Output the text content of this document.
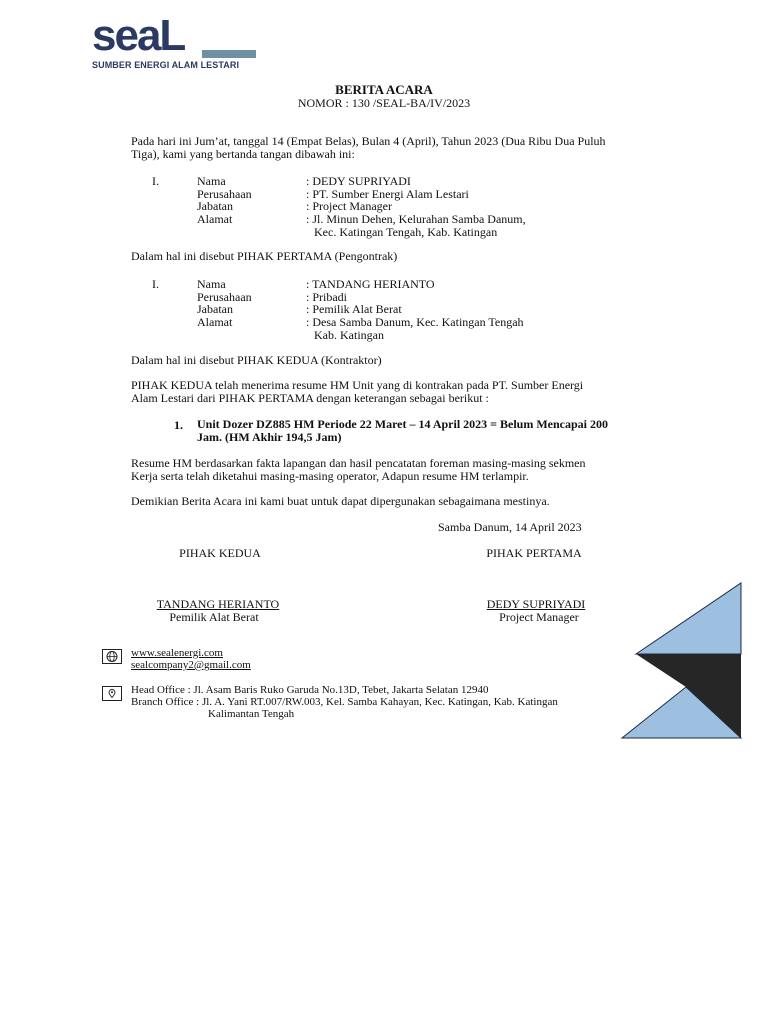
seaL
SUMBER ENERGI ALAM LESTARI
BERITA ACARA
NOMOR : 130 /SEAL-BA/IV/2023
Pada hari ini Jum’at, tanggal 14 (Empat Belas), Bulan 4 (April), Tahun 2023 (Dua Ribu Dua Puluh
Tiga), kami yang bertanda tangan dibawah ini:
I.	Nama	: DEDY SUPRIYADI
Perusahaan	: PT. Sumber Energi Alam Lestari
Jabatan	: Project Manager
Alamat	: Jl. Minun Dehen, Kelurahan Samba Danum,
Kec. Katingan Tengah, Kab. Katingan
Dalam hal ini disebut PIHAK PERTAMA (Pengontrak)
I.	Nama	: TANDANG HERIANTO
Perusahaan	: Pribadi
Jabatan	: Pemilik Alat Berat
Alamat	: Desa Samba Danum, Kec. Katingan Tengah
Kab. Katingan
Dalam hal ini disebut PIHAK KEDUA (Kontraktor)
PIHAK KEDUA telah menerima resume HM Unit yang di kontrakan pada PT. Sumber Energi
Alam Lestari dari PIHAK PERTAMA dengan keterangan sebagai berikut :
1. Unit Dozer DZ885 HM Periode 22 Maret – 14 April 2023 = Belum Mencapai 200
Jam. (HM Akhir 194,5 Jam)
Resume HM berdasarkan fakta lapangan dan hasil pencatatan foreman masing-masing sekmen
Kerja serta telah diketahui masing-masing operator, Adapun resume HM terlampir.
Demikian Berita Acara ini kami buat untuk dapat dipergunakan sebagaimana mestinya.
Samba Danum, 14 April 2023
PIHAK KEDUA	PIHAK PERTAMA
TANDANG HERIANTO
Pemilik Alat Berat
DEDY SUPRIYADI
Project Manager
www.sealenergi.com
sealcompany2@gmail.com
Head Office : Jl. Asam Baris Ruko Garuda No.13D, Tebet, Jakarta Selatan 12940
Branch Office : Jl. A. Yani RT.007/RW.003, Kel. Samba Kahayan, Kec. Katingan, Kab. Katingan
Kalimantan Tengah
